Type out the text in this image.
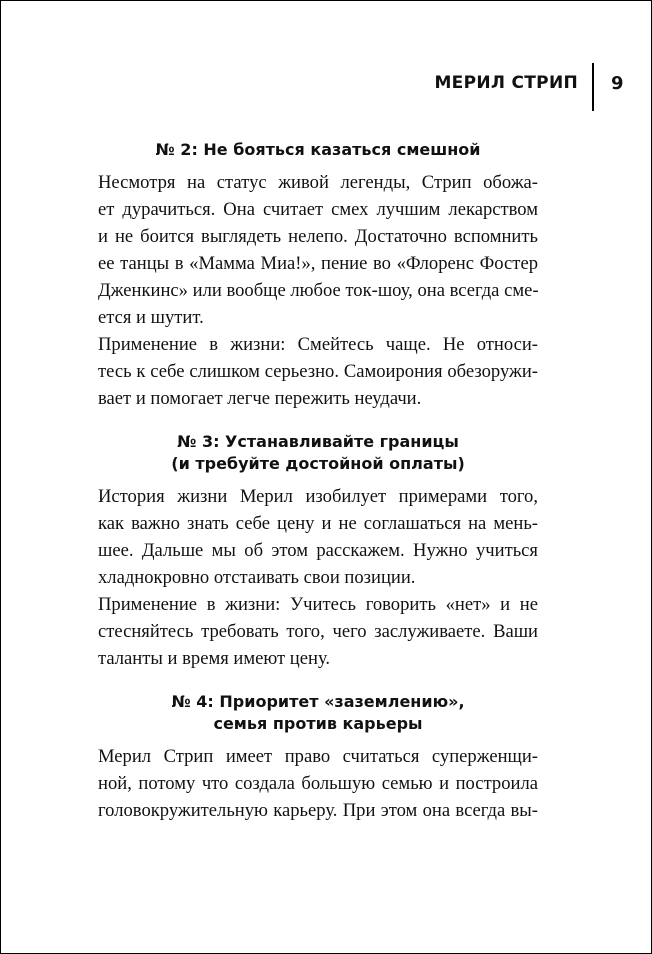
МЕРИЛ СТРИП	9
№ 2: Не бояться казаться смешной

Несмотря на статус живой легенды, Стрип обожа-
ет дурачиться. Она считает смех лучшим лекарством
и не боится выглядеть нелепо. Достаточно вспомнить
ее танцы в «Мамма Миа!», пение во «Флоренс Фостер
Дженкинс» или вообще любое ток-шоу, она всегда сме-
ется и шутит.

Применение в жизни: Смейтесь чаще. Не относи-
тесь к себе слишком серьезно. Самоирония обезоружи-
вает и помогает легче пережить неудачи.

№ 3: Устанавливайте границы
(и требуйте достойной оплаты)

История жизни Мерил изобилует примерами того,
как важно знать себе цену и не соглашаться на мень-
шее. Дальше мы об этом расскажем. Нужно учиться
хладнокровно отстаивать свои позиции.

Применение в жизни: Учитесь говорить «нет» и не
стесняйтесь требовать того, чего заслуживаете. Ваши
таланты и время имеют цену.

№ 4: Приоритет «заземлению»,
семья против карьеры

Мерил Стрип имеет право считаться суперженщи-
ной, потому что создала большую семью и построила
головокружительную карьеру. При этом она всегда вы-
